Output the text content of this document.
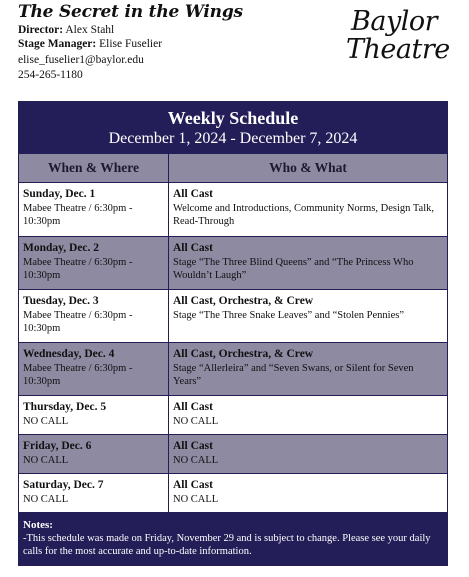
The Secret in the Wings
Director: Alex Stahl
Stage Manager: Elise Fuselier
elise_fuselier1@baylor.edu
254-265-1180
Baylor
Theatre
Weekly Schedule
December 1, 2024 - December 7, 2024
When & Where	Who & What
Sunday, Dec. 1
Mabee Theatre / 6:30pm - 10:30pm
All Cast
Welcome and Introductions, Community Norms, Design Talk, Read-Through
Monday, Dec. 2
Mabee Theatre / 6:30pm - 10:30pm
All Cast
Stage “The Three Blind Queens” and “The Princess Who Wouldn’t Laugh”
Tuesday, Dec. 3
Mabee Theatre / 6:30pm - 10:30pm
All Cast, Orchestra, & Crew
Stage “The Three Snake Leaves” and “Stolen Pennies”
Wednesday, Dec. 4
Mabee Theatre / 6:30pm - 10:30pm
All Cast, Orchestra, & Crew
Stage “Allerleira” and “Seven Swans, or Silent for Seven Years”
Thursday, Dec. 5
NO CALL
All Cast
NO CALL
Friday, Dec. 6
NO CALL
All Cast
NO CALL
Saturday, Dec. 7
NO CALL
All Cast
NO CALL
Notes:
-This schedule was made on Friday, November 29 and is subject to change. Please see your daily calls for the most accurate and up-to-date information.
